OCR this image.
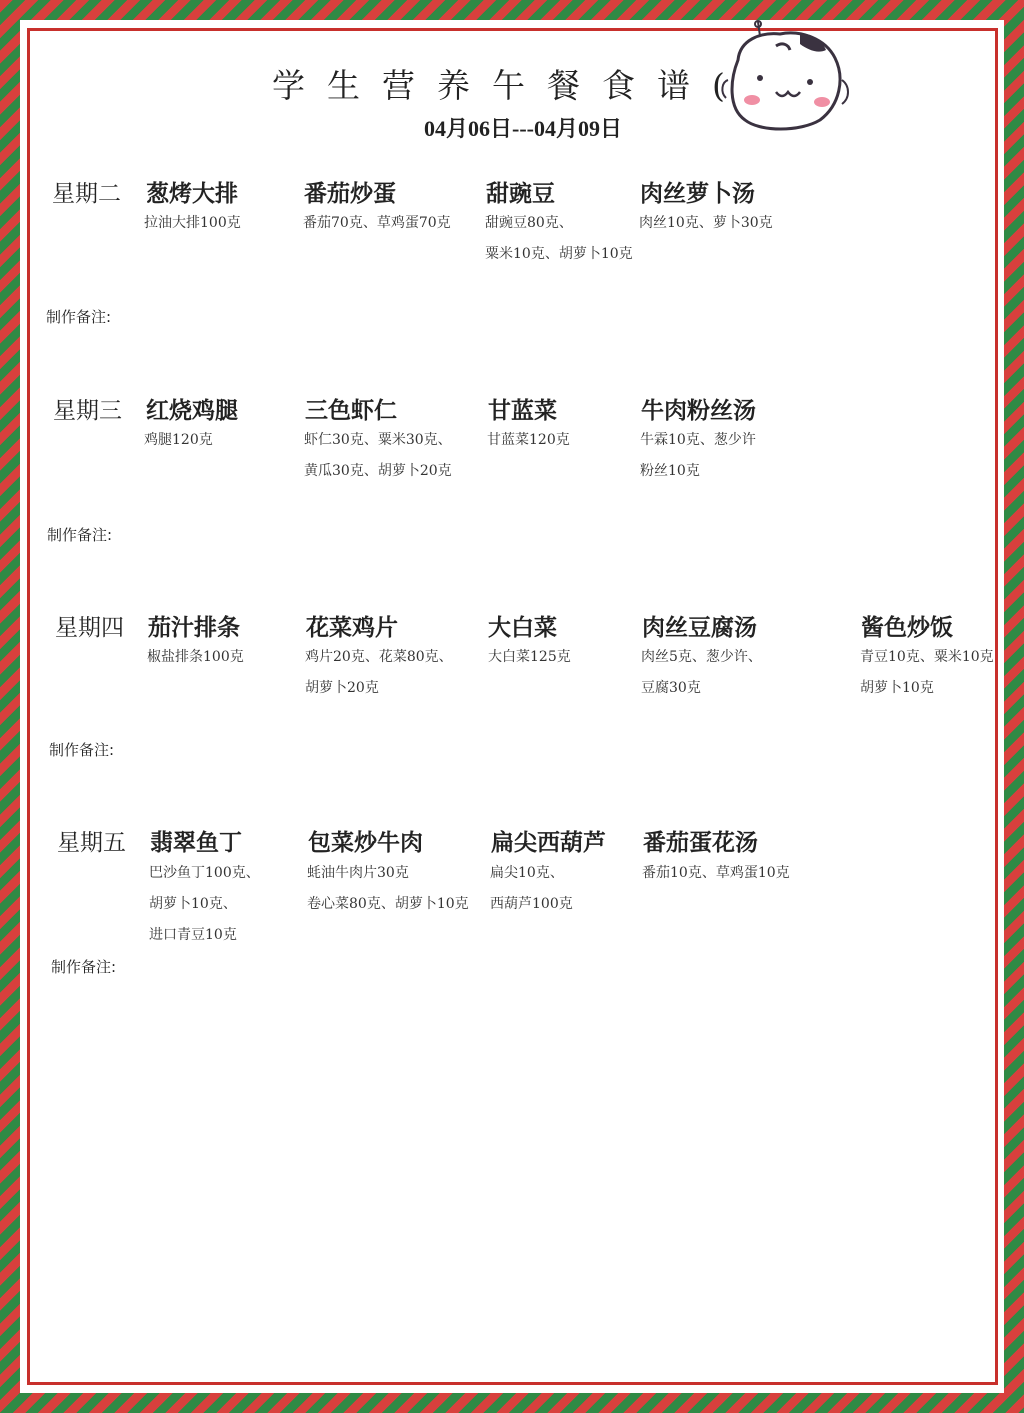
学生营养午餐食谱(
04月06日---04月09日
星期二 葱烤大排
拉油大排100克
番茄炒蛋
番茄70克、草鸡蛋70克
甜豌豆
甜豌豆80克、
粟米10克、胡萝卜10克
肉丝萝卜汤
肉丝10克、萝卜30克
制作备注:
星期三 红烧鸡腿
鸡腿120克
三色虾仁
虾仁30克、粟米30克、
黄瓜30克、胡萝卜20克
甘蓝菜
甘蓝菜120克
牛肉粉丝汤
牛霖10克、葱少许
粉丝10克
制作备注:
星期四 茄汁排条
椒盐排条100克
花菜鸡片
鸡片20克、花菜80克、
胡萝卜20克
大白菜
大白菜125克
肉丝豆腐汤
肉丝5克、葱少许、
豆腐30克
酱色炒饭
青豆10克、粟米10克
胡萝卜10克
制作备注:
星期五 翡翠鱼丁
巴沙鱼丁100克、
胡萝卜10克、
进口青豆10克
包菜炒牛肉
蚝油牛肉片30克
卷心菜80克、胡萝卜10克
扁尖西葫芦
扁尖10克、
西葫芦100克
番茄蛋花汤
番茄10克、草鸡蛋10克
制作备注:
